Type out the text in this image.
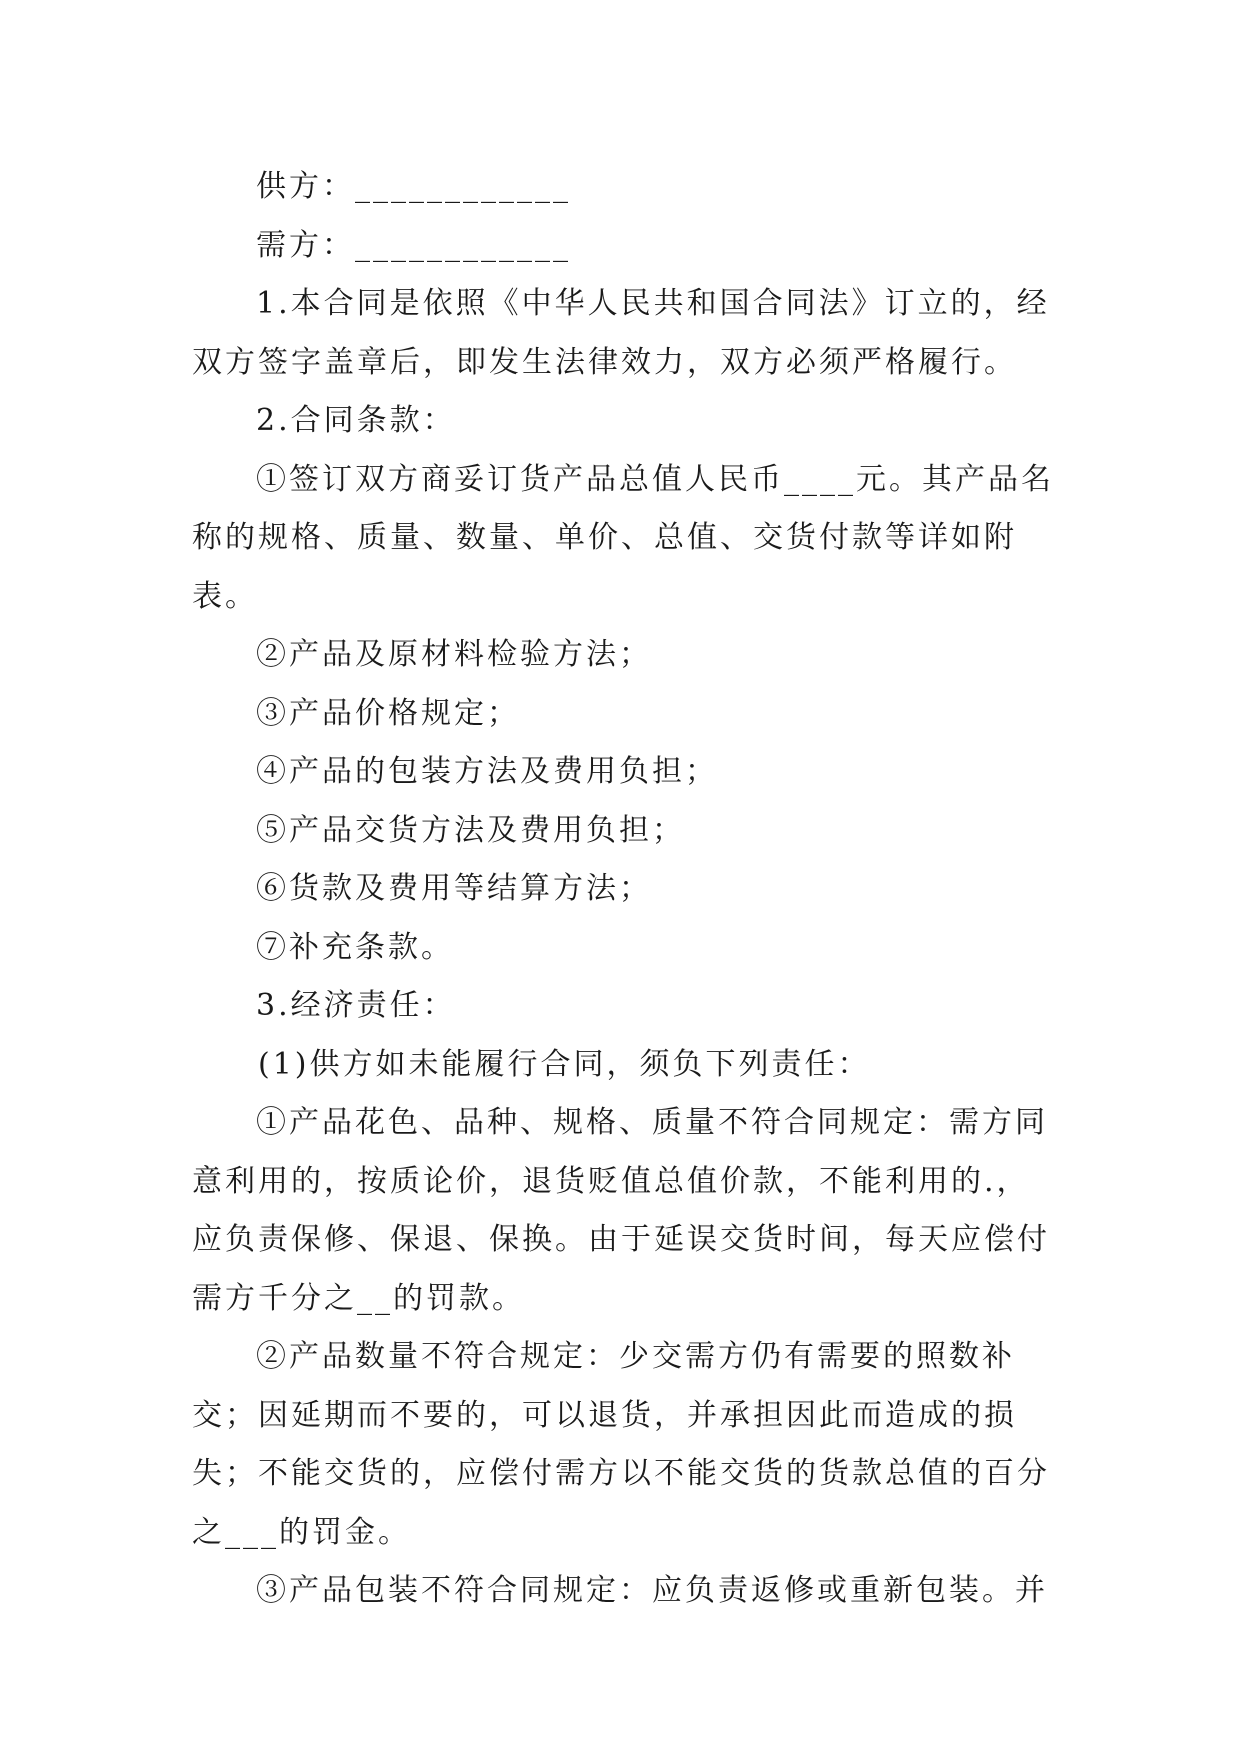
供方：____________

需方：____________

1.本合同是依照《中华人民共和国合同法》订立的，经双方签字盖章后，即发生法律效力，双方必须严格履行。

2.合同条款：

①签订双方商妥订货产品总值人民币____元。其产品名称的规格、质量、数量、单价、总值、交货付款等详如附表。

②产品及原材料检验方法；

③产品价格规定；

④产品的包装方法及费用负担；

⑤产品交货方法及费用负担；

⑥货款及费用等结算方法；

⑦补充条款。

3.经济责任：

(1)供方如未能履行合同，须负下列责任：

①产品花色、品种、规格、质量不符合同规定：需方同意利用的，按质论价，退货贬值总值价款，不能利用的.，应负责保修、保退、保换。由于延误交货时间，每天应偿付需方千分之__的罚款。

②产品数量不符合规定：少交需方仍有需要的照数补交；因延期而不要的，可以退货，并承担因此而造成的损失；不能交货的，应偿付需方以不能交货的货款总值的百分之___的罚金。

③产品包装不符合同规定：应负责返修或重新包装。并
